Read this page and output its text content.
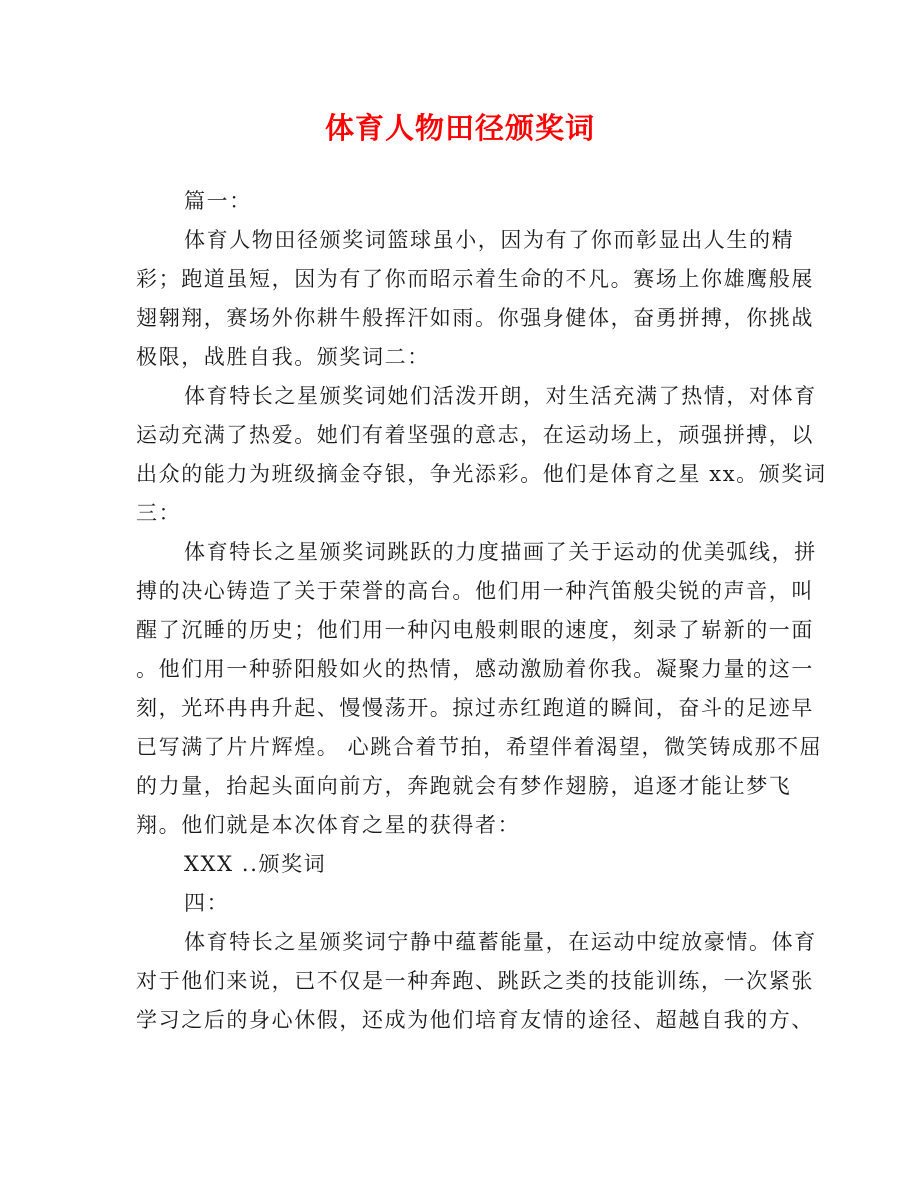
体育人物田径颁奖词
篇一：
体育人物田径颁奖词篮球虽小，因为有了你而彰显出人生的精
彩；跑道虽短，因为有了你而昭示着生命的不凡。赛场上你雄鹰般展
翅翱翔，赛场外你耕牛般挥汗如雨。你强身健体，奋勇拼搏，你挑战
极限，战胜自我。颁奖词二：
体育特长之星颁奖词她们活泼开朗，对生活充满了热情，对体育
运动充满了热爱。她们有着坚强的意志，在运动场上，顽强拼搏，以
出众的能力为班级摘金夺银，争光添彩。他们是体育之星 xx。颁奖词
三：
体育特长之星颁奖词跳跃的力度描画了关于运动的优美弧线，拼
搏的决心铸造了关于荣誉的高台。他们用一种汽笛般尖锐的声音，叫
醒了沉睡的历史；他们用一种闪电般刺眼的速度，刻录了崭新的一面
。他们用一种骄阳般如火的热情，感动激励着你我。凝聚力量的这一
刻，光环冉冉升起、慢慢荡开。掠过赤红跑道的瞬间，奋斗的足迹早
已写满了片片辉煌。 心跳合着节拍，希望伴着渴望，微笑铸成那不屈
的力量，抬起头面向前方，奔跑就会有梦作翅膀，追逐才能让梦飞
翔。他们就是本次体育之星的获得者：
XXX ..颁奖词
四：
体育特长之星颁奖词宁静中蕴蓄能量，在运动中绽放豪情。体育
对于他们来说，已不仅是一种奔跑、跳跃之类的技能训练，一次紧张
学习之后的身心休假，还成为他们培育友情的途径、超越自我的方、
